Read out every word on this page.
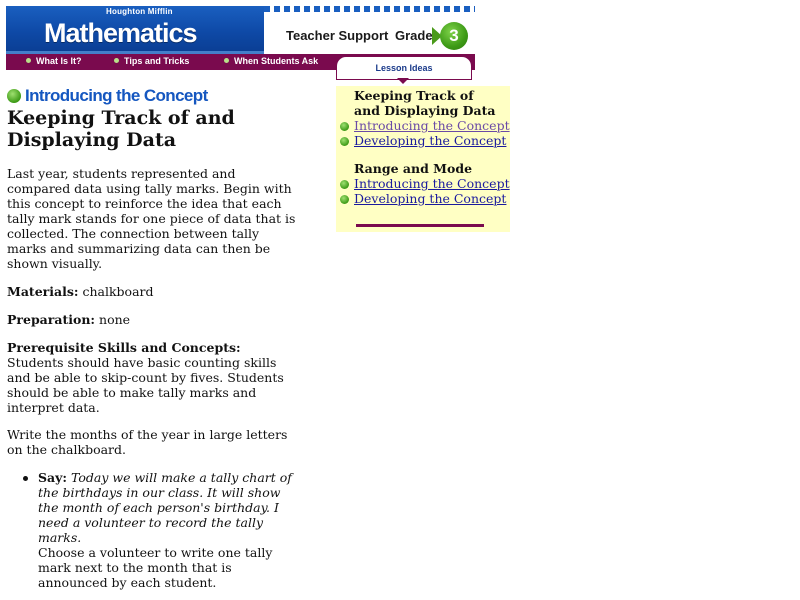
Houghton Mifflin
Mathematics	Teacher Support Grade 3
What Is It?	Tips and Tricks	When Students Ask
Lesson Ideas
Introducing the Concept
Keeping Track of and Displaying Data

Last year, students represented and compared data using tally marks. Begin with this concept to reinforce the idea that each tally mark stands for one piece of data that is collected. The connection between tally marks and summarizing data can then be shown visually.

Materials: chalkboard

Preparation: none

Prerequisite Skills and Concepts:
Students should have basic counting skills and be able to skip-count by fives. Students should be able to make tally marks and interpret data.

Write the months of the year in large letters on the chalkboard.

Say: Today we will make a tally chart of the birthdays in our class. It will show the month of each person's birthday. I need a volunteer to record the tally marks.
Choose a volunteer to write one tally mark next to the month that is announced by each student.
Keeping Track of
and Displaying Data
Introducing the Concept
Developing the Concept
Range and Mode
Introducing the Concept
Developing the Concept
